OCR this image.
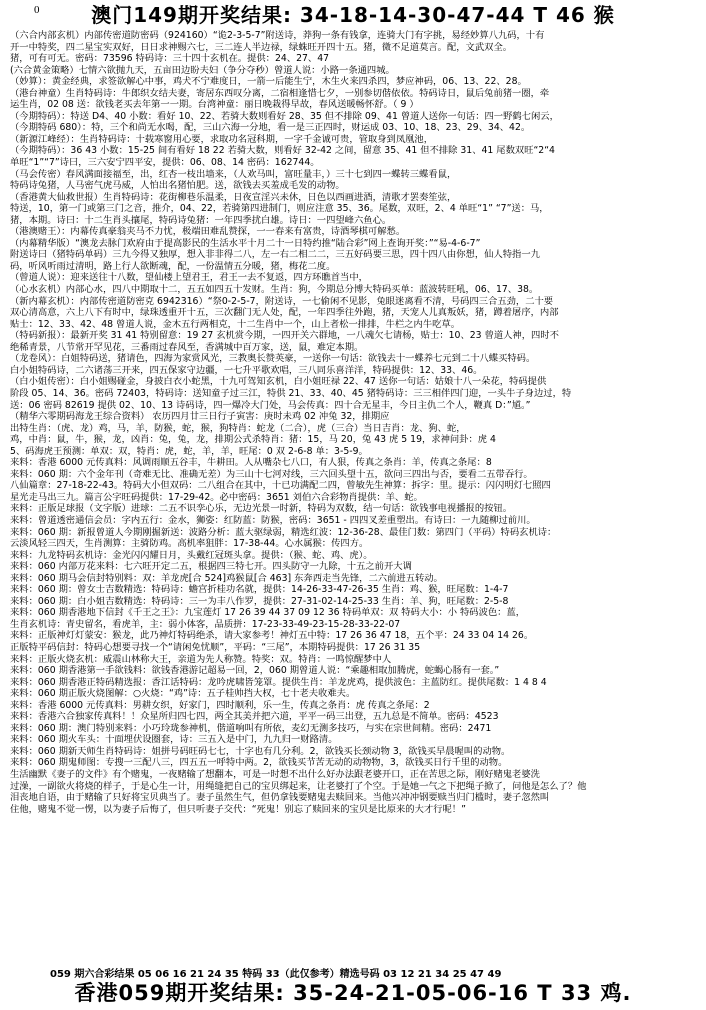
0	澳门149期开奖结果: 34-18-14-30-47-44 T 46 猴
（六合内部玄机）内部传密道防密码（924160）“诡2-3-5-7”附送诗，莽狗一条有钱拿，连骑大门有字挑，易经妙算八九码，十有
开一中特奖，四二星宝实双好，日日求神赐六七，三二连人半边禄，绿蛛旺开四十五。猪，微不足道莫言。配，文武双全。
猪，可有可无。密码：73596 特码诗：三十四十玄机在。提供：24、27、47
(六合黄金策略）七情六欲抛九天，五亩田边盼夫妇（争分夺秒）曾道人说：小路一条通四城。
（妙算）：黄金经典，求签欲解心中事，鸡犬不宁难度日，一箭一后能生宁，木生火来四杀四，梦应神码，06、13、22、28。
（港台神童）生肖特码诗：牛郎织女结夫妻，寄居东西叹分离，二宿相逢惜七夕，一别参切偕依依。特码诗日，鼠后兔前猪一圈，牵
运生肖，02 08 送：欲钱老买去年第一一期。台湾神童：丽日晚栽得早故，春风送暖畅怀舒。（ 9 ）
（今期特码）：特送 D4、40 小数：看好 10、22、若骑大数则看好 28、35 但不排除 09、41 曾道人送你一句话：四一野鹤七闲云，
（今期特码 680）：特，三个和尚无水喝，配，三山六海一分地，看一是三正四时，财运成 03、10、18、23、29、34、42。
（新源江峰经）：生肖特码诗：十载寒窗用心要，求取功名冠科期，一字千金诚可贵，管取身到凤凰池，
（今期特码）：36 43 小数：15-25 间有看好 18 22 若骑大数，则看好 32-42 之间，留意 35、41 但不排除 31、41 尾数双旺“2“4
单旺“1”“7”诗曰，三六安宁四平安，提供：06、08、14 密码：162744。
（马会传密）春风满面接福至，出，红杏一枝出墙来，（人欢马叫，富旺量丰，）三十七到四一蝶转三蝶看鼠，
特码诗兔猪，人马密气虎马威，人怕出名猪怕肥。送，欲钱去买羞成毛发的动物。
（香港黄大仙救世报）生肖特码诗：花街柳巷乐温柔，日夜宣淫兴未休，日色以西画进酒，清歌才罢奏笙弦，
特送，10，第一门或第三门之音，推介，04、22，若骑第四进制门，则应注意 35、36。尾数，双旺，2、4 单旺“1” “7”送：马，
猪，本期。诗曰：十二生肖头攘尾，特码诗兔猪：一年四季扰白雄。诗日：一四望峰六鱼心。
（港澳赌王）：内幕传真豪翁夹马不力忧，极端田难乱赞探，一一春来有富贵，诗酒琴棋可解愁。
（内幕精华版）“澳龙去脉门欢府由于提高影民的生活水平十月二十一日特约推“陆合彩”网上查询开奖：”“易-4-6-7”
附送诗曰（猪特码单码）三九今得又独厚，想入非非得二八，左一右二相二二，三五好码要三思，四十四八由你想，仙人特指一九
码，听风听雨过清明，路上行人欲断魂，配，一份温情五分暖，猪，梅花二度。
（曾道人说）：迎来送往十八数，望仙楼上望君王，君王一去不复返，四方环瞧首当中，
（心水玄机）内部心水，四八中期取十二，五五如四五十发财。生肖：狗，今期总分博大特码买单：蓝波转旺吼，06、17、38。
（新内幕玄机）：内部传密道防密克 6942316）“祭0-2-5-7，附送诗，一七偷闲不见影，兔眼迷离看不清，号码四三合五劲，二十要
双心清高意，六上八下有时中，绿珠透重开十五，三次翻门无人处，配，一年四季往外跑，猪，天宠人儿真叛妖，猪，蹲着屠序，内部
贴士：12、33、42、48 曾道人说，金木五行两相克，十二生肖中一个，山上者松一排排，牛栏之内牛吃草。
（特码新报）：最新开奖 31 41 特别留意：19 27 玄机赏今期，一四开关六群地，一八魂欠七请杨，贴士：10、23 曾道人神，四时不
绝稀青景，八节常开罕见花，三番雨过春风至，香满城中百万家，送，鼠，难定本期。
（龙卷风）：白姐特码送，猪请色，四海为家赏风光，三教奥长赞英豪，一送你一句话：欲钱去十一蝶养七元到二十八蝶买特码。
白小姐特码诗，二六诸荡三开来，四五保家守边疆，一七升平歌欢唱，三八同乐喜洋洋，特码提供：12、33、46。
（白小姐传密）：白小姐赐碰金，身披白衣小蛇黑，十九可驾知玄机，白小姐旺禄 22、47 送你一句话：姑娘十八一朵花，特码提供
阶段 05、14、36。密码 72403，特码诗：送知童子过三江，特供 21、33、40、45 猪特码诗：三三相伴四门迎，一头牛子身边过，特
送：06 密码 82619 提供 02、10、13 诗码诗，四一爆冷大门处，马会传真：四十合无星丰，今日主仇二个人，鞭真 D：”馗。”
（精华六零期码海龙王综合资料） 农历四月廿三日行子寅害：庚时未鸡 02 冲兔 32，排期应
出特生肖：（虎、龙）鸡，马，羊，防猴，蛇，猴，狗特肖：蛇龙（二合），虎（三合）当日吉肖：龙、狗、蛇，
鸡，中肖：鼠，牛，猴，龙，凶肖：兔，兔，龙，排期公式杀特肖：猪：15，马 20，兔 43 虎 5 19，求神问卦：虎 4
5、码海虎王预测：单双：双，特肖：虎，蛇，羊，羊，旺尾：0 双 2-6-8 单：3-5-9。
来料：香港 6000 元传真料：风调雨顺五谷丰，牛耕田。人从嘴杂七八口，有人狠，传真之条肖：羊，传真之条尾：8
来料：060 期：六个金年刊（奇难无比、准确无差）为三山十七河对线，三六回头望十五，欲问三四出与否，要看二五带吞行。
八仙篇章：27-18-22-43。特码大小但双码：二八组合在其中，十已功满配二四，曾敏先生神算：拆字：里。提示：闪闪明灯七照四
星光走马出三九。篇言公字旺码提供：17-29-42。必中密码：3651 刘伯六合彩物肖提供：羊、蛇。
来料：正版足球报（文字版）进球：二五不识孪心乐，无边光景一时新，特码为双数，结一句话：欲钱事电视播报的按钮。
来料：曾道透密通信会员：字内五行：金水，狮姿：红防蓝：防猴，密码：3651 - 四四叉差重塑出。有诗曰：一九随柳过前川。
来料：060 期：新报曾道人今期刚掘新送：波路分析：蓝大驱绿弱，精选红波：12-36-28、最佳门数：第四门（平码）特码玄机诗：
云淡风轻三四天，生肖测算：主骑防鸡。高机率狙胖：17-38-44。心水属猴：传四方。
来料：九龙特码玄机诗：金光闪闪耀日月，头戴红冠斑头拿。提供：（猴、蛇、鸡、虎）。
来料：060 内部万花来料：七六旺开定二五，根据四三特七开。四头防守一九除，十五之前开大调
来料：060 期马会信封特别料：双：羊龙虎[合 524]鸡猴鼠[合 463] 东奔西走当先锋，二六前进五转动。
来料：060 期：曾女士吉数精选：特码诗：蟾宫折桂功名就，提供：14-26-33-47-26-35 生肖：鸡、猴，旺尾数：1-4-7
来料：060 期：白小姐吉数精选：特码诗：三一为丰八作罗，提供：27-31-02-14-25-33 生肖：羊、狗，旺尾数：2-5-8
来料：060 期香港地下信封《千王之王》：九宝莲灯 17 26 39 44 37 09 12 36 特码单双：双 特码大小：小 特码波色：蓝，
生肖玄机诗：青史留名，看虎羊，主：弱小体客，品质拼：17-23-33-49-23-15-28-33-22-07
来料：正版神灯灯蒙安：猴龙，此乃神灯特码绝杀，请大家参考！神灯五中特：17 26 36 47 18，五个平：24 33 04 14 26。
正版特平码信封：特码心想要寻找一个“请闲免忧顺”，平码：“三尾”，本期特码提供：17 26 31 35
来料：正版火烧玄机：威震山林称大王，亲道为先人称赞。特奖：双。特肖：一鸣惊醒梦中人
来料：060 期香港第一手欲钱料：欲钱香港游记超易一回，2，060 期曾道人说：“乘趣相取加腾虎，蛇蝎心肠有一套。”
来料：060 期香港正特码精选报：香江话特码：龙吟虎啸皆笼罩。提供生肖：羊龙虎鸡，提供波色：主蓝防红。提供尾数：1 4 8 4
来料：060 期正版火烧图解：○火烧：“鸡”诗：五子桂帅挡大权，七十老夫收难夫。
来料：香港 6000 元传真料：男耕女织，好家门，四时顺利，乐一生，传真之条肖：虎 传真之条尾：2
来料：香港六合独家传真料！！众星所归四七四，两全其美并把六道，平平一码三出登，五九总是不简单。密码：4523
来料：060 期：澳门特别来料：小巧玲珑参神机，偕道响叫有所依，麦幻无测多技巧，与实在宗世间精。密码：2471
来料：060 期火车头：十面埋伏设圈套，诗：三五入是中门，九九归一财路清。
来料：060 期新天师生肖特码诗：姐拼号码旺码七七，十字也有几分利。2，欲钱买长颈动物 3，欲钱买早晨喔叫的动物。
来料：060 期鬼师图：专搜一三配八三，四五五一呼特中两。2，欲钱买节苦无动的动物物，3，欲钱买日行千里的动物。
生活幽默《妻子的文件》有个赌鬼，一夜赌输了想翻本，可是一时想不出什么好办法跟老婆开口，正在苦思之际，刚好赌鬼老婆洗
过澡，一副欲火将烧的样子，于是心生一计，用绳缝把自己的宝贝绑起来，让老婆打了个空。于是她一气之下把绳子掀了，问他是怎么了？他
泪丧地自语，由于赌输了只好将宝贝典当了。妻子虽然生气，但仍拿钱要赌鬼去赎回来。当他兴冲冲钢要赎当归门槛时，妻子忽然叫
住他，赌鬼不觉一愣，以为妻子后悔了，但只听妻子交代：“死鬼！别忘了赎回来的宝贝是比原来的大才行呢！”
059 期六合彩结果 05 06 16 21 24 35 特码 33（此仅参考）精选号码 03 12 21 34 25 47 49
香港059期开奖结果: 35-24-21-05-06-16 T 33 鸡.
